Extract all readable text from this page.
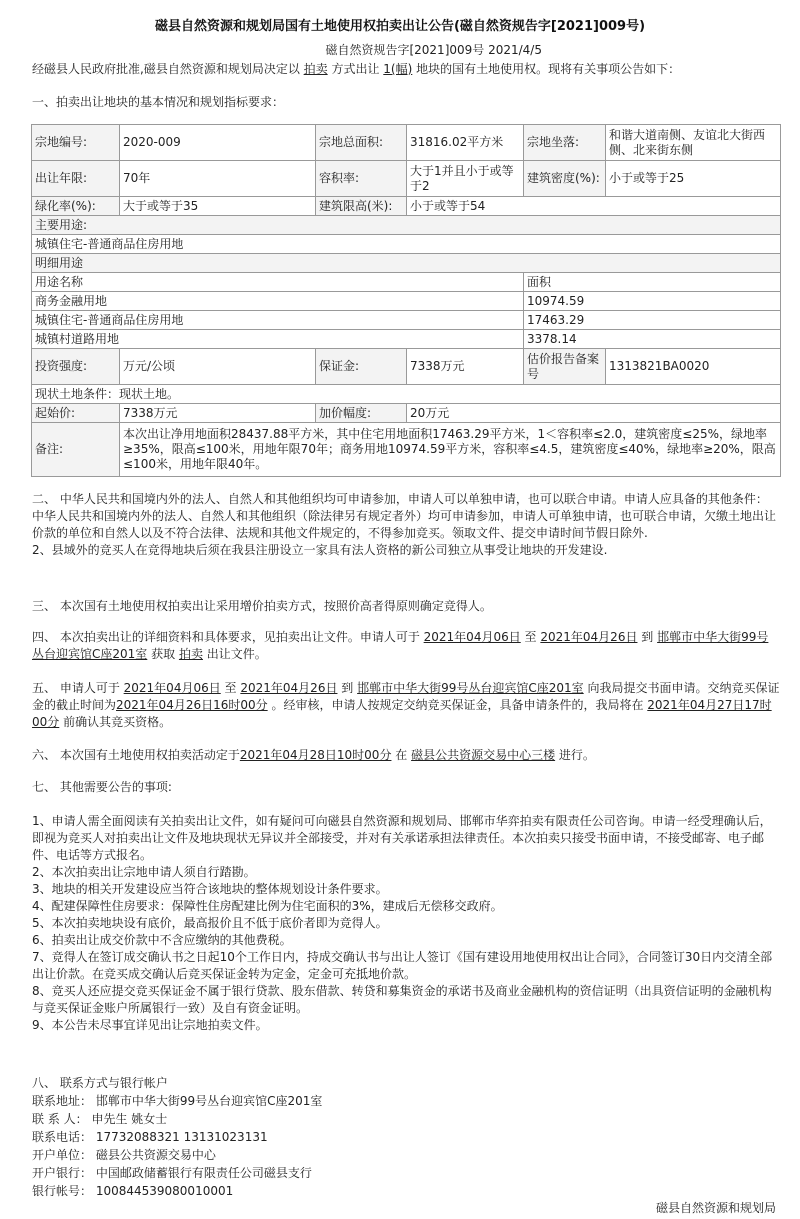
磁县自然资源和规划局国有土地使用权拍卖出让公告(磁自然资规告字[2021]009号)
磁自然资规告字[2021]009号 2021/4/5
经磁县人民政府批准,磁县自然资源和规划局决定以 拍卖 方式出让 1(幅) 地块的国有土地使用权。现将有关事项公告如下：
一、拍卖出让地块的基本情况和规划指标要求：
宗地编号:	2020-009	宗地总面积:	31816.02平方米	宗地坐落:	和谐大道南侧、友谊北大街西侧、北来街东侧
出让年限:	70年	容积率:	大于1并且小于或等于2	建筑密度(%):	小于或等于25
绿化率(%):	大于或等于35	建筑限高(米):	小于或等于54		
主要用途:					
城镇住宅-普通商品住房用地					
明细用途					
用途名称				面积	
商务金融用地				10974.59	
城镇住宅-普通商品住房用地				17463.29	
城镇村道路用地				3378.14	
投资强度:	万元/公顷	保证金:	7338万元	估价报告备案号	1313821BA0020
现状土地条件：现状土地。					
起始价:	7338万元	加价幅度:	20万元		
备注:	本次出让净用地面积28437.88平方米，其中住宅用地面积17463.29平方米，1＜容积率≤2.0，建筑密度≤25%，绿地率≥35%，限高≤100米，用地年限70年；商务用地10974.59平方米，容积率≤4.5，建筑密度≤40%，绿地率≥20%，限高≤100米，用地年限40年。				
二、 中华人民共和国境内外的法人、自然人和其他组织均可申请参加，申请人可以单独申请，也可以联合申请。申请人应具备的其他条件：
中华人民共和国境内外的法人、自然人和其他组织（除法律另有规定者外）均可申请参加，申请人可单独申请，也可联合申请，欠缴土地出让价款的单位和自然人以及不符合法律、法规和其他文件规定的，不得参加竞买。领取文件、提交申请时间节假日除外.
2、县域外的竞买人在竞得地块后须在我县注册设立一家具有法人资格的新公司独立从事受让地块的开发建设.
三、 本次国有土地使用权拍卖出让采用增价拍卖方式，按照价高者得原则确定竞得人。
四、 本次拍卖出让的详细资料和具体要求，见拍卖出让文件。申请人可于 2021年04月06日 至 2021年04月26日 到 邯郸市中华大街99号丛台迎宾馆C座201室 获取 拍卖 出让文件。
五、 申请人可于 2021年04月06日 至 2021年04月26日 到 邯郸市中华大街99号丛台迎宾馆C座201室 向我局提交书面申请。交纳竞买保证金的截止时间为2021年04月26日16时00分 。经审核，申请人按规定交纳竞买保证金，具备申请条件的，我局将在 2021年04月27日17时00分 前确认其竞买资格。
六、 本次国有土地使用权拍卖活动定于2021年04月28日10时00分 在 磁县公共资源交易中心三楼 进行。
七、 其他需要公告的事项:
1、申请人需全面阅读有关拍卖出让文件，如有疑问可向磁县自然资源和规划局、邯郸市华弈拍卖有限责任公司咨询。申请一经受理确认后，即视为竞买人对拍卖出让文件及地块现状无异议并全部接受，并对有关承诺承担法律责任。本次拍卖只接受书面申请，不接受邮寄、电子邮件、电话等方式报名。
2、本次拍卖出让宗地申请人须自行踏勘。
3、地块的相关开发建设应当符合该地块的整体规划设计条件要求。
4、配建保障性住房要求：保障性住房配建比例为住宅面积的3%，建成后无偿移交政府。
5、本次拍卖地块设有底价，最高报价且不低于底价者即为竞得人。
6、拍卖出让成交价款中不含应缴纳的其他费税。
7、竞得人在签订成交确认书之日起10个工作日内，持成交确认书与出让人签订《国有建设用地使用权出让合同》，合同签订30日内交清全部出让价款。在竞买成交确认后竞买保证金转为定金，定金可充抵地价款。
8、竞买人还应提交竞买保证金不属于银行贷款、股东借款、转贷和募集资金的承诺书及商业金融机构的资信证明（出具资信证明的金融机构与竞买保证金账户所属银行一致）及自有资金证明。
9、本公告未尽事宜详见出让宗地拍卖文件。
八、 联系方式与银行帐户
联系地址： 邯郸市中华大街99号丛台迎宾馆C座201室
联 系 人： 申先生 姚女士
联系电话： 17732088321 13131023131
开户单位： 磁县公共资源交易中心
开户银行： 中国邮政储蓄银行有限责任公司磁县支行
银行帐号： 100844539080010001
磁县自然资源和规划局
